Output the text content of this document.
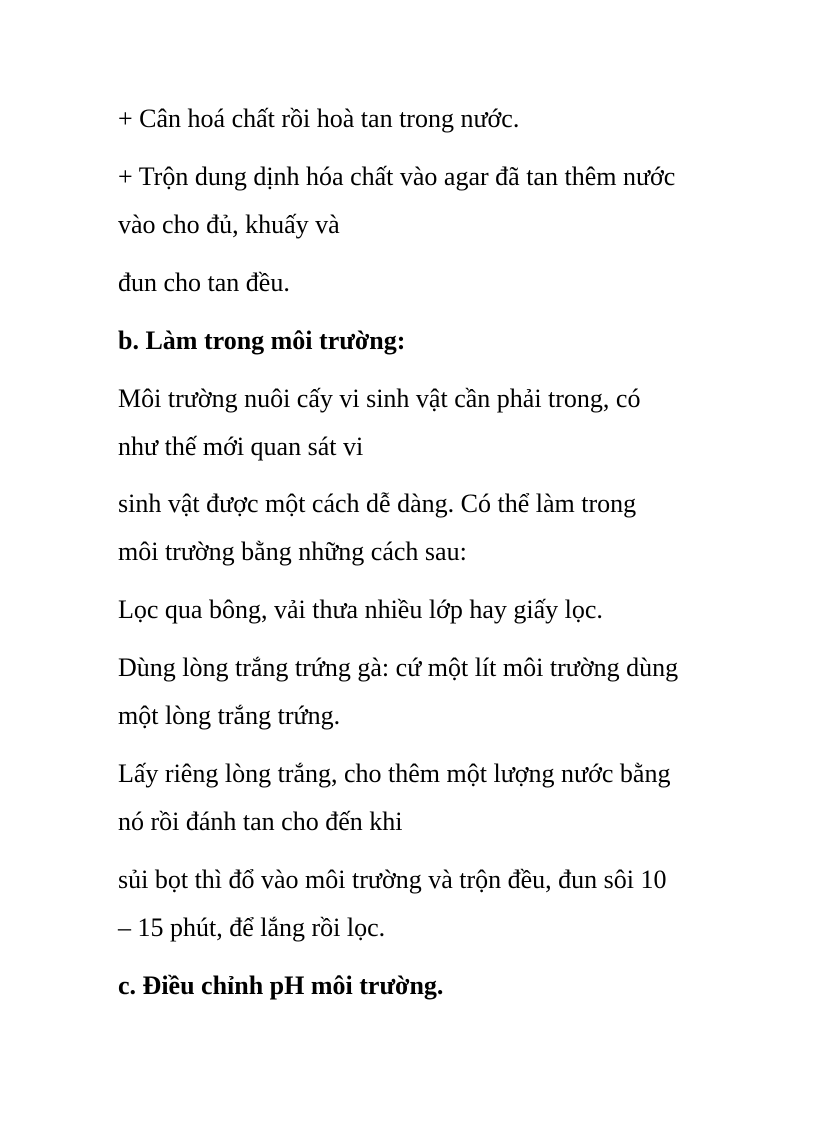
+ Cân hoá chất rồi hoà tan trong nước.
+ Trộn dung dịnh hóa chất vào agar đã tan thêm nước
vào cho đủ, khuấy và
đun cho tan đều.
b. Làm trong môi trường:
Môi trường nuôi cấy vi sinh vật cần phải trong, có
như thế mới quan sát vi
sinh vật được một cách dễ dàng. Có thể làm trong
môi trường bằng những cách sau:
Lọc qua bông, vải thưa nhiều lớp hay giấy lọc.
Dùng lòng trắng trứng gà: cứ một lít môi trường dùng
một lòng trắng trứng.
Lấy riêng lòng trắng, cho thêm một lượng nước bằng
nó rồi đánh tan cho đến khi
sủi bọt thì đổ vào môi trường và trộn đều, đun sôi 10
– 15 phút, để lắng rồi lọc.
c. Điều chỉnh pH môi trường.
